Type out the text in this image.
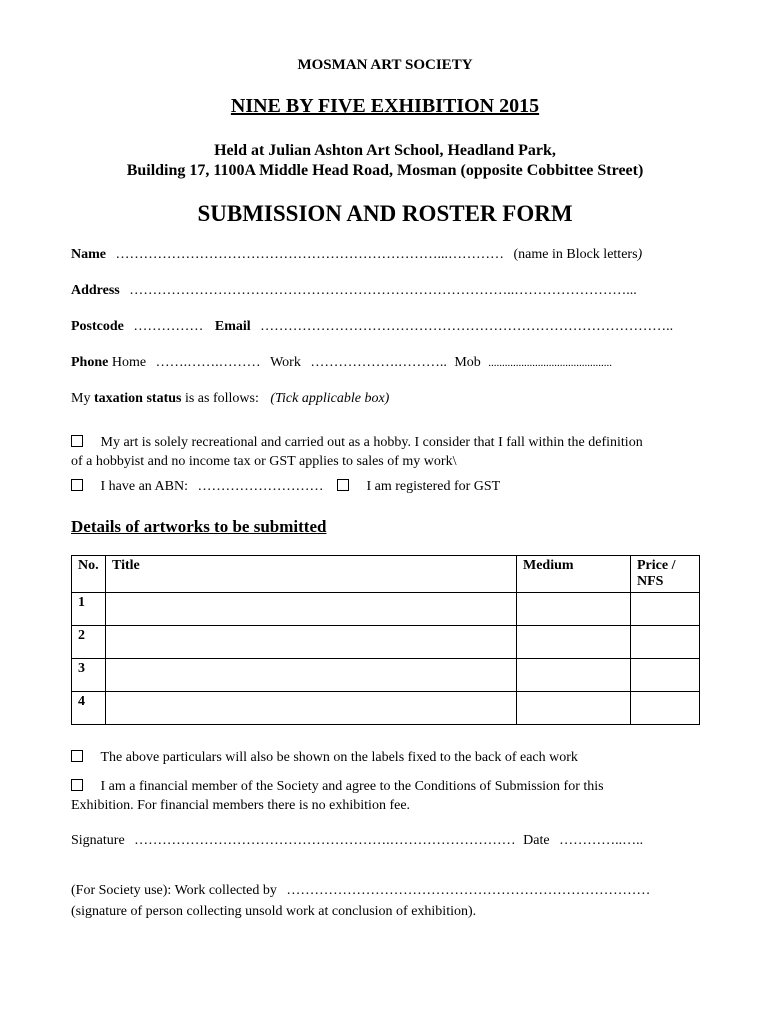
MOSMAN ART SOCIETY
NINE BY FIVE EXHIBITION 2015
Held at Julian Ashton Art School, Headland Park,
Building 17, 1100A Middle Head Road, Mosman (opposite Cobbittee Street)
SUBMISSION AND ROSTER FORM
Name ……………………………………………………………...………… (name in Block letters)
Address ………………………………………………………………………..……………………...
Postcode …………… Email ……………………………………………………………………………..
Phone Home …….…….……… Work ……………….……….. Mob .............................................
My taxation status is as follows: (Tick applicable box)
My art is solely recreational and carried out as a hobby. I consider that I fall within the definition
of a hobbyist and no income tax or GST applies to sales of my work\
I have an ABN: ………………………	I am registered for GST
Details of artworks to be submitted
No.	Title	Medium	Price /
NFS

1			
2			
3			
4			
The above particulars will also be shown on the labels fixed to the back of each work
I am a financial member of the Society and agree to the Conditions of Submission for this
Exhibition. For financial members there is no exhibition fee.
Signature ……………………………………………….……………………… Date …………..…..
(For Society use): Work collected by ……………………………………………………………………
(signature of person collecting unsold work at conclusion of exhibition).
